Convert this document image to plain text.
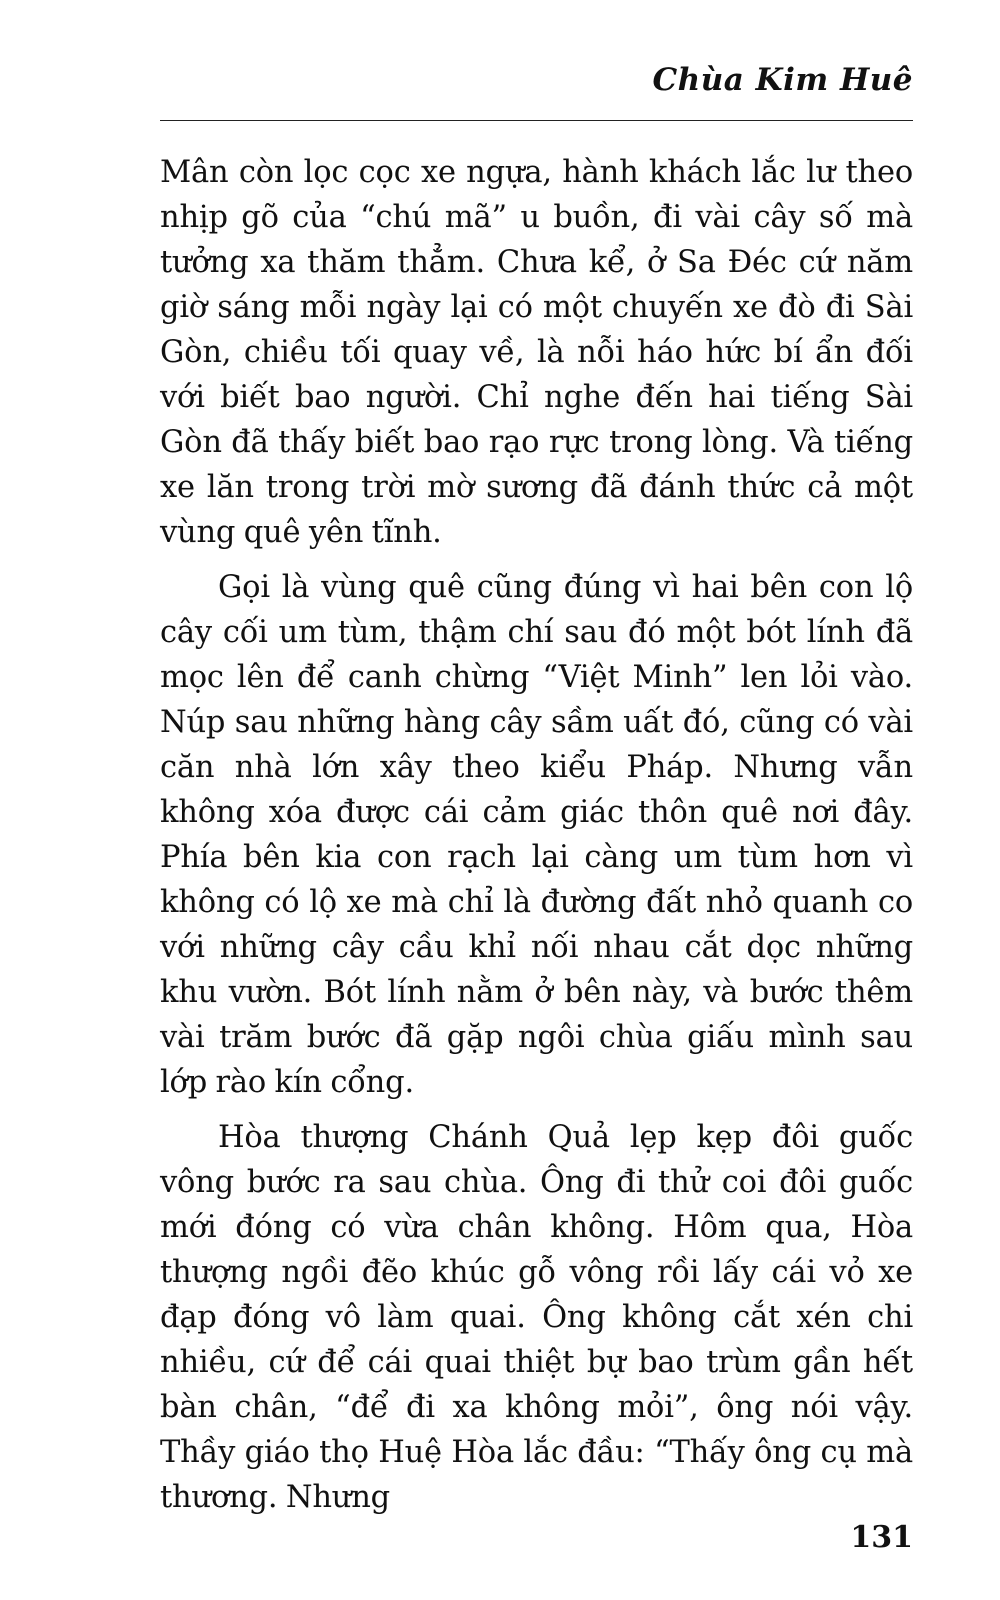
Chùa Kim Huê

Mân còn lọc cọc xe ngựa, hành khách lắc lư theo nhịp gõ của “chú mã” u buồn, đi vài cây số mà tưởng xa thăm thẳm. Chưa kể, ở Sa Đéc cứ năm giờ sáng mỗi ngày lại có một chuyến xe đò đi Sài Gòn, chiều tối quay về, là nỗi háo hức bí ẩn đối với biết bao người. Chỉ nghe đến hai tiếng Sài Gòn đã thấy biết bao rạo rực trong lòng. Và tiếng xe lăn trong trời mờ sương đã đánh thức cả một vùng quê yên tĩnh.

Gọi là vùng quê cũng đúng vì hai bên con lộ cây cối um tùm, thậm chí sau đó một bót lính đã mọc lên để canh chừng “Việt Minh” len lỏi vào. Núp sau những hàng cây sầm uất đó, cũng có vài căn nhà lớn xây theo kiểu Pháp. Nhưng vẫn không xóa được cái cảm giác thôn quê nơi đây. Phía bên kia con rạch lại càng um tùm hơn vì không có lộ xe mà chỉ là đường đất nhỏ quanh co với những cây cầu khỉ nối nhau cắt dọc những khu vườn. Bót lính nằm ở bên này, và bước thêm vài trăm bước đã gặp ngôi chùa giấu mình sau lớp rào kín cổng.

Hòa thượng Chánh Quả lẹp kẹp đôi guốc vông bước ra sau chùa. Ông đi thử coi đôi guốc mới đóng có vừa chân không. Hôm qua, Hòa thượng ngồi đẽo khúc gỗ vông rồi lấy cái vỏ xe đạp đóng vô làm quai. Ông không cắt xén chi nhiều, cứ để cái quai thiệt bự bao trùm gần hết bàn chân, “để đi xa không mỏi”, ông nói vậy. Thầy giáo thọ Huệ Hòa lắc đầu: “Thấy ông cụ mà thương. Nhưng

131
